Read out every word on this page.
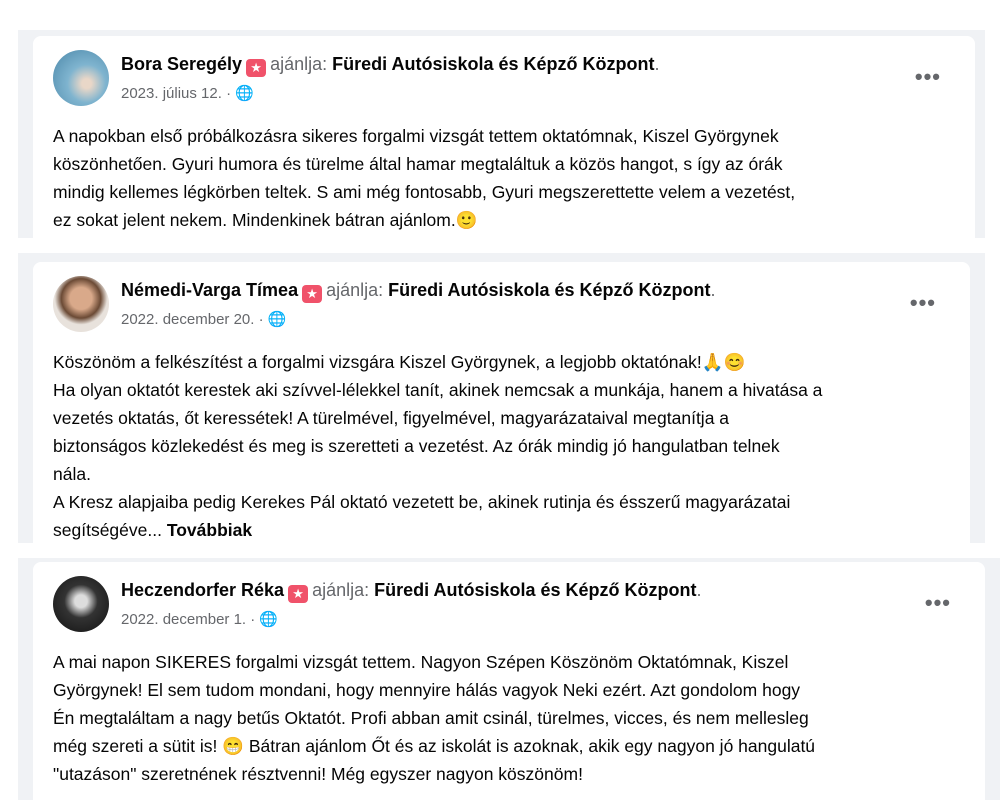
Bora Seregély ★ ajánlja: Füredi Autósiskola és Képző Központ.
2023. július 12. · 🌐
•••
A napokban első próbálkozásra sikeres forgalmi vizsgát tettem oktatómnak, Kiszel Györgynek
köszönhetően. Gyuri humora és türelme által hamar megtaláltuk a közös hangot, s így az órák
mindig kellemes légkörben teltek. S ami még fontosabb, Gyuri megszerettette velem a vezetést,
ez sokat jelent nekem. Mindenkinek bátran ajánlom.🙂
Némedi-Varga Tímea ★ ajánlja: Füredi Autósiskola és Képző Központ.
2022. december 20. · 🌐
•••
Köszönöm a felkészítést a forgalmi vizsgára Kiszel Györgynek, a legjobb oktatónak!🙏😊
Ha olyan oktatót kerestek aki szívvel-lélekkel tanít, akinek nemcsak a munkája, hanem a hivatása a
vezetés oktatás, őt keressétek! A türelmével, figyelmével, magyarázataival megtanítja a
biztonságos közlekedést és meg is szeretteti a vezetést. Az órák mindig jó hangulatban telnek
nála.
A Kresz alapjaiba pedig Kerekes Pál oktató vezetett be, akinek rutinja és ésszerű magyarázatai
segítségéve... Továbbiak
Heczendorfer Réka ★ ajánlja: Füredi Autósiskola és Képző Központ.
2022. december 1. · 🌐
•••
A mai napon SIKERES forgalmi vizsgát tettem. Nagyon Szépen Köszönöm Oktatómnak, Kiszel
Györgynek! El sem tudom mondani, hogy mennyire hálás vagyok Neki ezért. Azt gondolom hogy
Én megtaláltam a nagy betűs Oktatót. Profi abban amit csinál, türelmes, vicces, és nem mellesleg
még szereti a sütit is! 😁 Bátran ajánlom Őt és az iskolát is azoknak, akik egy nagyon jó hangulatú
"utazáson" szeretnének résztvenni! Még egyszer nagyon köszönöm!
